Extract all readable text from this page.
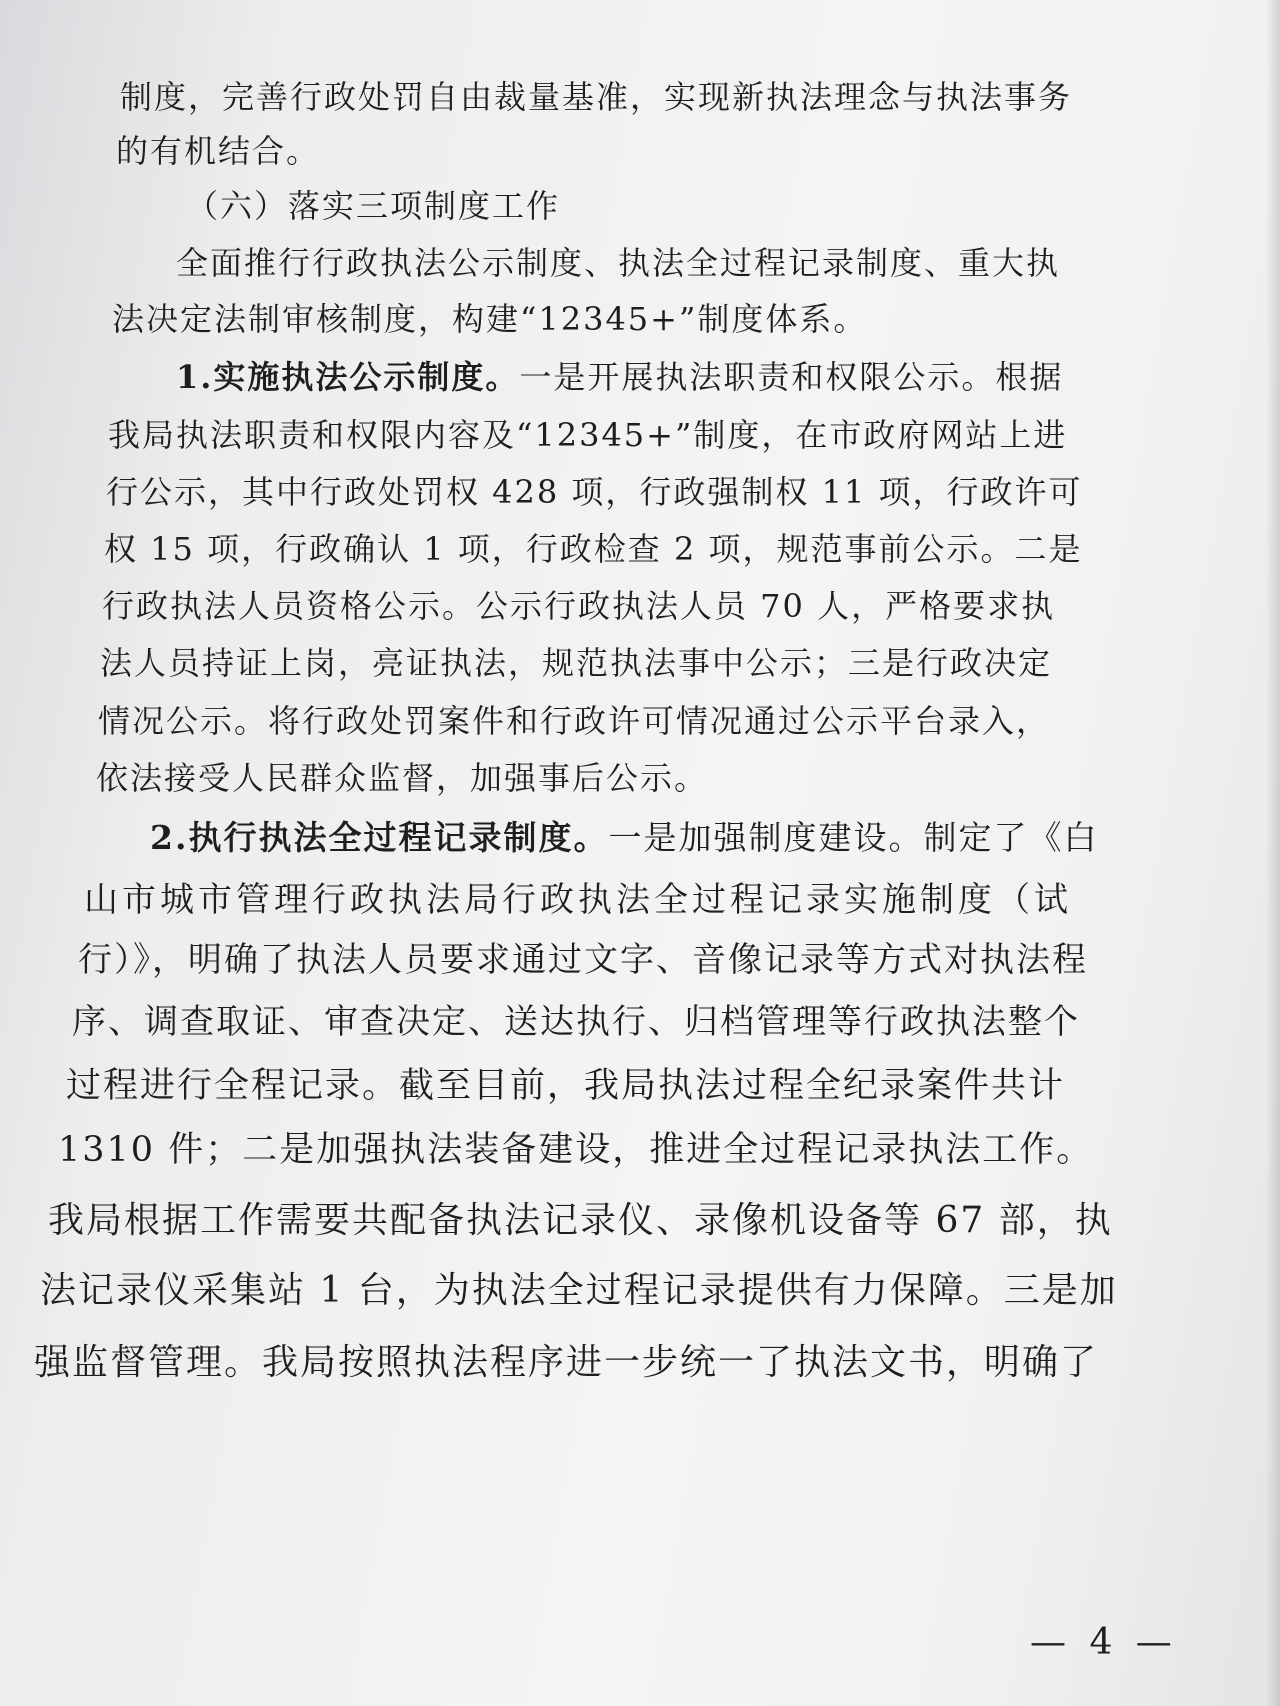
制度，完善行政处罚自由裁量基准，实现新执法理念与执法事务
的有机结合。
（六）落实三项制度工作
全面推行行政执法公示制度、执法全过程记录制度、重大执
法决定法制审核制度，构建“12345+”制度体系。
1.实施执法公示制度。一是开展执法职责和权限公示。根据
我局执法职责和权限内容及“12345+”制度，在市政府网站上进
行公示，其中行政处罚权 428 项，行政强制权 11 项，行政许可
权 15 项，行政确认 1 项，行政检查 2 项，规范事前公示。二是
行政执法人员资格公示。公示行政执法人员 70 人，严格要求执
法人员持证上岗，亮证执法，规范执法事中公示；三是行政决定
情况公示。将行政处罚案件和行政许可情况通过公示平台录入，
依法接受人民群众监督，加强事后公示。
2.执行执法全过程记录制度。一是加强制度建设。制定了《白
山市城市管理行政执法局行政执法全过程记录实施制度（试
行）》，明确了执法人员要求通过文字、音像记录等方式对执法程
序、调查取证、审查决定、送达执行、归档管理等行政执法整个
过程进行全程记录。截至目前，我局执法过程全纪录案件共计
1310 件；二是加强执法装备建设，推进全过程记录执法工作。
我局根据工作需要共配备执法记录仪、录像机设备等 67 部，执
法记录仪采集站 1 台，为执法全过程记录提供有力保障。三是加
强监督管理。我局按照执法程序进一步统一了执法文书，明确了
— 4 —
